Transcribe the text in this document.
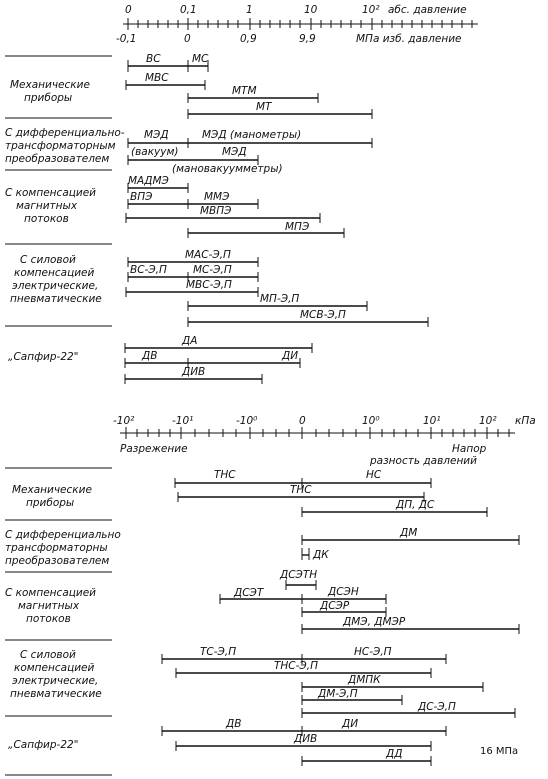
0	0,1	1	10	10² абс. давление
-0,1	0	0,9	9,9	МПа изб. давление
Механические приборы
С дифференциально-трансформаторным преобразователем
С компенсацией магнитных потоков
С силовой компенсацией электрические, пневматические
„Сапфир-22"
ВС	МС
МВС
МТМ
МТ
МЭД	МЭД (манометры)
(вакуум)	МЭД
(мановакуумметры)
МАДМЭ
ВПЭ	ММЭ
МВПЭ
МПЭ
МАС-Э,П
ВС-Э,П МС-Э,П
МВС-Э,П
МП-Э,П
МСВ-Э,П
ДА
ДВ	ДИ
ДИВ
-10²	-10¹	-10⁰	0	10⁰	10¹	10² кПа
Разрежение	Напор
разность давлений
Механические приборы
С дифференциально трансформаторны преобразователем
С компенсацией магнитных потоков
С силовой компенсацией электрические, пневматические
„Сапфир-22"
ТНС	НС
ТНС
ДП, ДС
ДМ
ДК
ДСЭТН
ДСЭТ	ДСЭН
ДСЭР
ДМЭ, ДМЭР
ТС-Э,П	НС-Э,П
ТНС-Э,П
ДМПК
ДМ-Э,П
ДС-Э,П
ДВ	ДИ
ДИВ
ДД	16 МПа
